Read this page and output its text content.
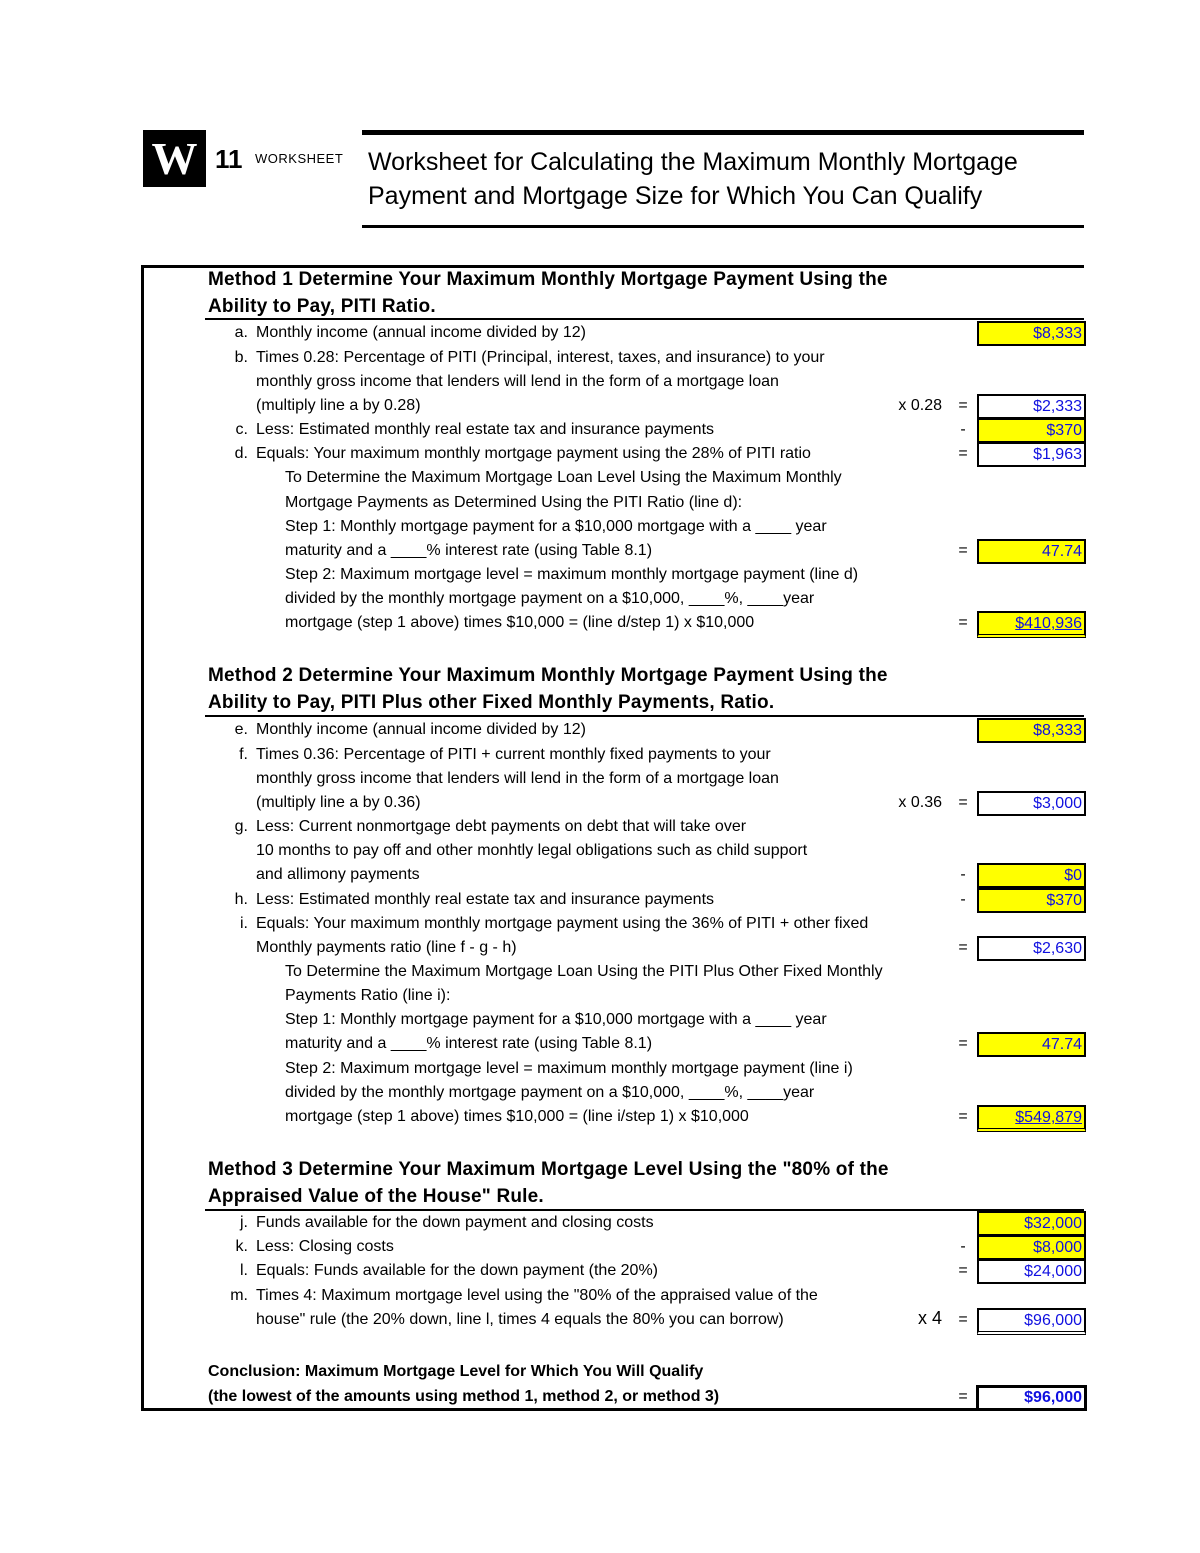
W 11 WORKSHEET Worksheet for Calculating the Maximum Monthly Mortgage
Payment and Mortgage Size for Which You Can Qualify
Method 1 Determine Your Maximum Monthly Mortgage Payment Using the
Ability to Pay, PITI Ratio.
a. Monthly income (annual income divided by 12)	$8,333
b. Times 0.28: Percentage of PITI (Principal, interest, taxes, and insurance) to your
monthly gross income that lenders will lend in the form of a mortgage loan
(multiply line a by 0.28)	x 0.28	=	$2,333
c. Less: Estimated monthly real estate tax and insurance payments	-	$370
d. Equals: Your maximum monthly mortgage payment using the 28% of PITI ratio	=	$1,963
To Determine the Maximum Mortgage Loan Level Using the Maximum Monthly
Mortgage Payments as Determined Using the PITI Ratio (line d):
Step 1: Monthly mortgage payment for a $10,000 mortgage with a ____ year
maturity and a ____% interest rate (using Table 8.1)	=	47.74
Step 2: Maximum mortgage level = maximum monthly mortgage payment (line d)
divided by the monthly mortgage payment on a $10,000, ____%, ____year
mortgage (step 1 above) times $10,000 = (line d/step 1) x $10,000	=	$410,936
Method 2 Determine Your Maximum Monthly Mortgage Payment Using the
Ability to Pay, PITI Plus other Fixed Monthly Payments, Ratio.
e. Monthly income (annual income divided by 12)	$8,333
f. Times 0.36: Percentage of PITI + current monthly fixed payments to your
monthly gross income that lenders will lend in the form of a mortgage loan
(multiply line a by 0.36)	x 0.36	=	$3,000
g. Less: Current nonmortgage debt payments on debt that will take over
10 months to pay off and other monhtly legal obligations such as child support
and allimony payments	-	$0
h. Less: Estimated monthly real estate tax and insurance payments	-	$370
i. Equals: Your maximum monthly mortgage payment using the 36% of PITI + other fixed
Monthly payments ratio (line f - g - h)	=	$2,630
To Determine the Maximum Mortgage Loan Using the PITI Plus Other Fixed Monthly
Payments Ratio (line i):
Step 1: Monthly mortgage payment for a $10,000 mortgage with a ____ year
maturity and a ____% interest rate (using Table 8.1)	=	47.74
Step 2: Maximum mortgage level = maximum monthly mortgage payment (line i)
divided by the monthly mortgage payment on a $10,000, ____%, ____year
mortgage (step 1 above) times $10,000 = (line i/step 1) x $10,000	=	$549,879
Method 3 Determine Your Maximum Mortgage Level Using the "80% of the
Appraised Value of the House" Rule.
j. Funds available for the down payment and closing costs	$32,000
k. Less: Closing costs	-	$8,000
l. Equals: Funds available for the down payment (the 20%)	=	$24,000
m. Times 4: Maximum mortgage level using the "80% of the appraised value of the
house" rule (the 20% down, line l, times 4 equals the 80% you can borrow)	x 4	=	$96,000
Conclusion: Maximum Mortgage Level for Which You Will Qualify
(the lowest of the amounts using method 1, method 2, or method 3)	=	$96,000
